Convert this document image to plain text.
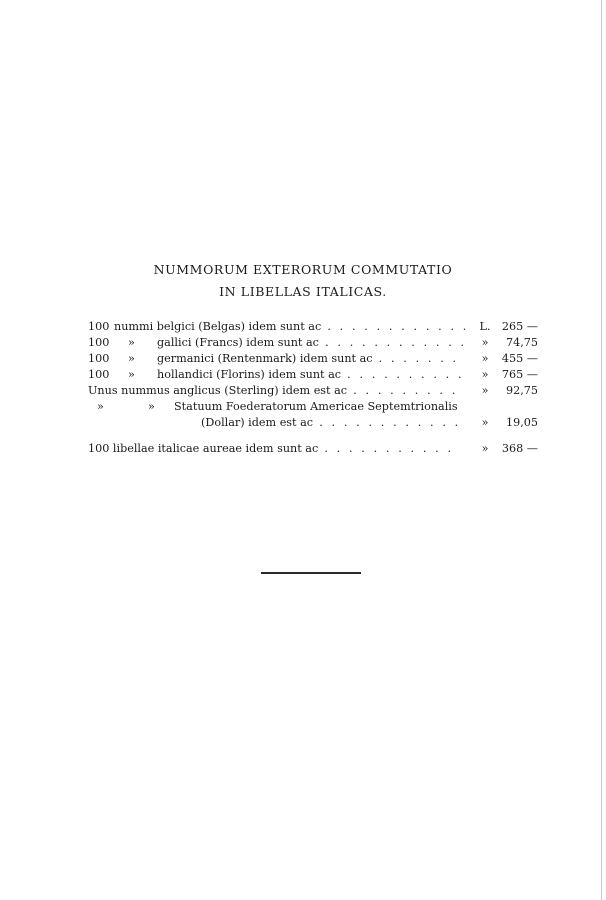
NUMMORUM EXTERORUM COMMUTATIO
IN LIBELLAS ITALICAS.
100 nummi belgici (Belgas) idem sunt ac . . . . . . . . . . . . L.	265 —
100 » gallici (Francs) idem sunt ac . . . . . . . . . . . .	»	74,75
100 » germanici (Rentenmark) idem sunt ac . . . . . . .	»	455 —
100 » hollandici (Florins) idem sunt ac . . . . . . . . . .	»	765 —
Unus nummus anglicus (Sterling) idem est ac . . . . . . . . .	»	92,75
»	» Statuum Foederatorum Americae Septemtrionalis
(Dollar) idem est ac . . . . . . . . . . . .	»	19,05
100 libellae italicae aureae idem sunt ac . . . . . . . . . . .	»	368 —
